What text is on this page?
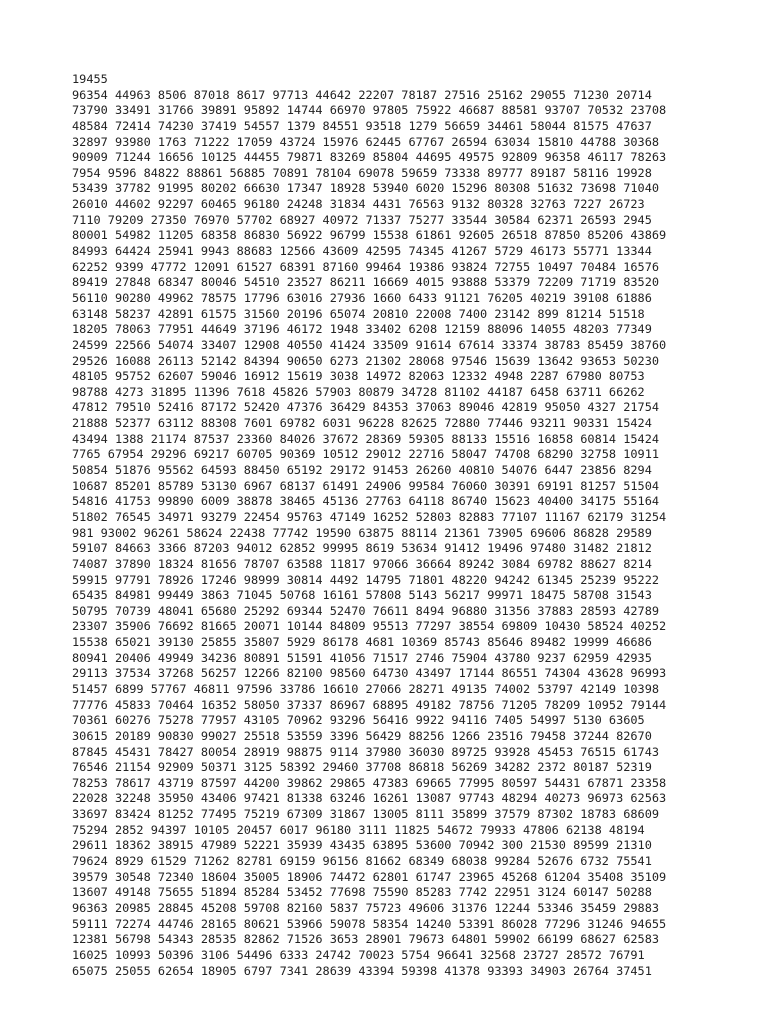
19455
96354 44963 8506 87018 8617 97713 44642 22207 78187 27516 25162 29055 71230 20714
73790 33491 31766 39891 95892 14744 66970 97805 75922 46687 88581 93707 70532 23708
48584 72414 74230 37419 54557 1379 84551 93518 1279 56659 34461 58044 81575 47637
32897 93980 1763 71222 17059 43724 15976 62445 67767 26594 63034 15810 44788 30368
90909 71244 16656 10125 44455 79871 83269 85804 44695 49575 92809 96358 46117 78263
7954 9596 84822 88861 56885 70891 78104 69078 59659 73338 89777 89187 58116 19928
53439 37782 91995 80202 66630 17347 18928 53940 6020 15296 80308 51632 73698 71040
26010 44602 92297 60465 96180 24248 31834 4431 76563 9132 80328 32763 7227 26723
7110 79209 27350 76970 57702 68927 40972 71337 75277 33544 30584 62371 26593 2945
80001 54982 11205 68358 86830 56922 96799 15538 61861 92605 26518 87850 85206 43869
84993 64424 25941 9943 88683 12566 43609 42595 74345 41267 5729 46173 55771 13344
62252 9399 47772 12091 61527 68391 87160 99464 19386 93824 72755 10497 70484 16576
89419 27848 68347 80046 54510 23527 86211 16669 4015 93888 53379 72209 71719 83520
56110 90280 49962 78575 17796 63016 27936 1660 6433 91121 76205 40219 39108 61886
63148 58237 42891 61575 31560 20196 65074 20810 22008 7400 23142 899 81214 51518
18205 78063 77951 44649 37196 46172 1948 33402 6208 12159 88096 14055 48203 77349
24599 22566 54074 33407 12908 40550 41424 33509 91614 67614 33374 38783 85459 38760
29526 16088 26113 52142 84394 90650 6273 21302 28068 97546 15639 13642 93653 50230
48105 95752 62607 59046 16912 15619 3038 14972 82063 12332 4948 2287 67980 80753
98788 4273 31895 11396 7618 45826 57903 80879 34728 81102 44187 6458 63711 66262
47812 79510 52416 87172 52420 47376 36429 84353 37063 89046 42819 95050 4327 21754
21888 52377 63112 88308 7601 69782 6031 96228 82625 72880 77446 93211 90331 15424
43494 1388 21174 87537 23360 84026 37672 28369 59305 88133 15516 16858 60814 15424
7765 67954 29296 69217 60705 90369 10512 29012 22716 58047 74708 68290 32758 10911
50854 51876 95562 64593 88450 65192 29172 91453 26260 40810 54076 6447 23856 8294
10687 85201 85789 53130 6967 68137 61491 24906 99584 76060 30391 69191 81257 51504
54816 41753 99890 6009 38878 38465 45136 27763 64118 86740 15623 40400 34175 55164
51802 76545 34971 93279 22454 95763 47149 16252 52803 82883 77107 11167 62179 31254
981 93002 96261 58624 22438 77742 19590 63875 88114 21361 73905 69606 86828 29589
59107 84663 3366 87203 94012 62852 99995 8619 53634 91412 19496 97480 31482 21812
74087 37890 18324 81656 78707 63588 11817 97066 36664 89242 3084 69782 88627 8214
59915 97791 78926 17246 98999 30814 4492 14795 71801 48220 94242 61345 25239 95222
65435 84981 99449 3863 71045 50768 16161 57808 5143 56217 99971 18475 58708 31543
50795 70739 48041 65680 25292 69344 52470 76611 8494 96880 31356 37883 28593 42789
23307 35906 76692 81665 20071 10144 84809 95513 77297 38554 69809 10430 58524 40252
15538 65021 39130 25855 35807 5929 86178 4681 10369 85743 85646 89482 19999 46686
80941 20406 49949 34236 80891 51591 41056 71517 2746 75904 43780 9237 62959 42935
29113 37534 37268 56257 12266 82100 98560 64730 43497 17144 86551 74304 43628 96993
51457 6899 57767 46811 97596 33786 16610 27066 28271 49135 74002 53797 42149 10398
77776 45833 70464 16352 58050 37337 86967 68895 49182 78756 71205 78209 10952 79144
70361 60276 75278 77957 43105 70962 93296 56416 9922 94116 7405 54997 5130 63605
30615 20189 90830 99027 25518 53559 3396 56429 88256 1266 23516 79458 37244 82670
87845 45431 78427 80054 28919 98875 9114 37980 36030 89725 93928 45453 76515 61743
76546 21154 92909 50371 3125 58392 29460 37708 86818 56269 34282 2372 80187 52319
78253 78617 43719 87597 44200 39862 29865 47383 69665 77995 80597 54431 67871 23358
22028 32248 35950 43406 97421 81338 63246 16261 13087 97743 48294 40273 96973 62563
33697 83424 81252 77495 75219 67309 31867 13005 8111 35899 37579 87302 18783 68609
75294 2852 94397 10105 20457 6017 96180 3111 11825 54672 79933 47806 62138 48194
29611 18362 38915 47989 52221 35939 43435 63895 53600 70942 300 21530 89599 21310
79624 8929 61529 71262 82781 69159 96156 81662 68349 68038 99284 52676 6732 75541
39579 30548 72340 18604 35005 18906 74472 62801 61747 23965 45268 61204 35408 35109
13607 49148 75655 51894 85284 53452 77698 75590 85283 7742 22951 3124 60147 50288
96363 20985 28845 45208 59708 82160 5837 75723 49606 31376 12244 53346 35459 29883
59111 72274 44746 28165 80621 53966 59078 58354 14240 53391 86028 77296 31246 94655
12381 56798 54343 28535 82862 71526 3653 28901 79673 64801 59902 66199 68627 62583
16025 10993 50396 3106 54496 6333 24742 70023 5754 96641 32568 23727 28572 76791
65075 25055 62654 18905 6797 7341 28639 43394 59398 41378 93393 34903 26764 37451
